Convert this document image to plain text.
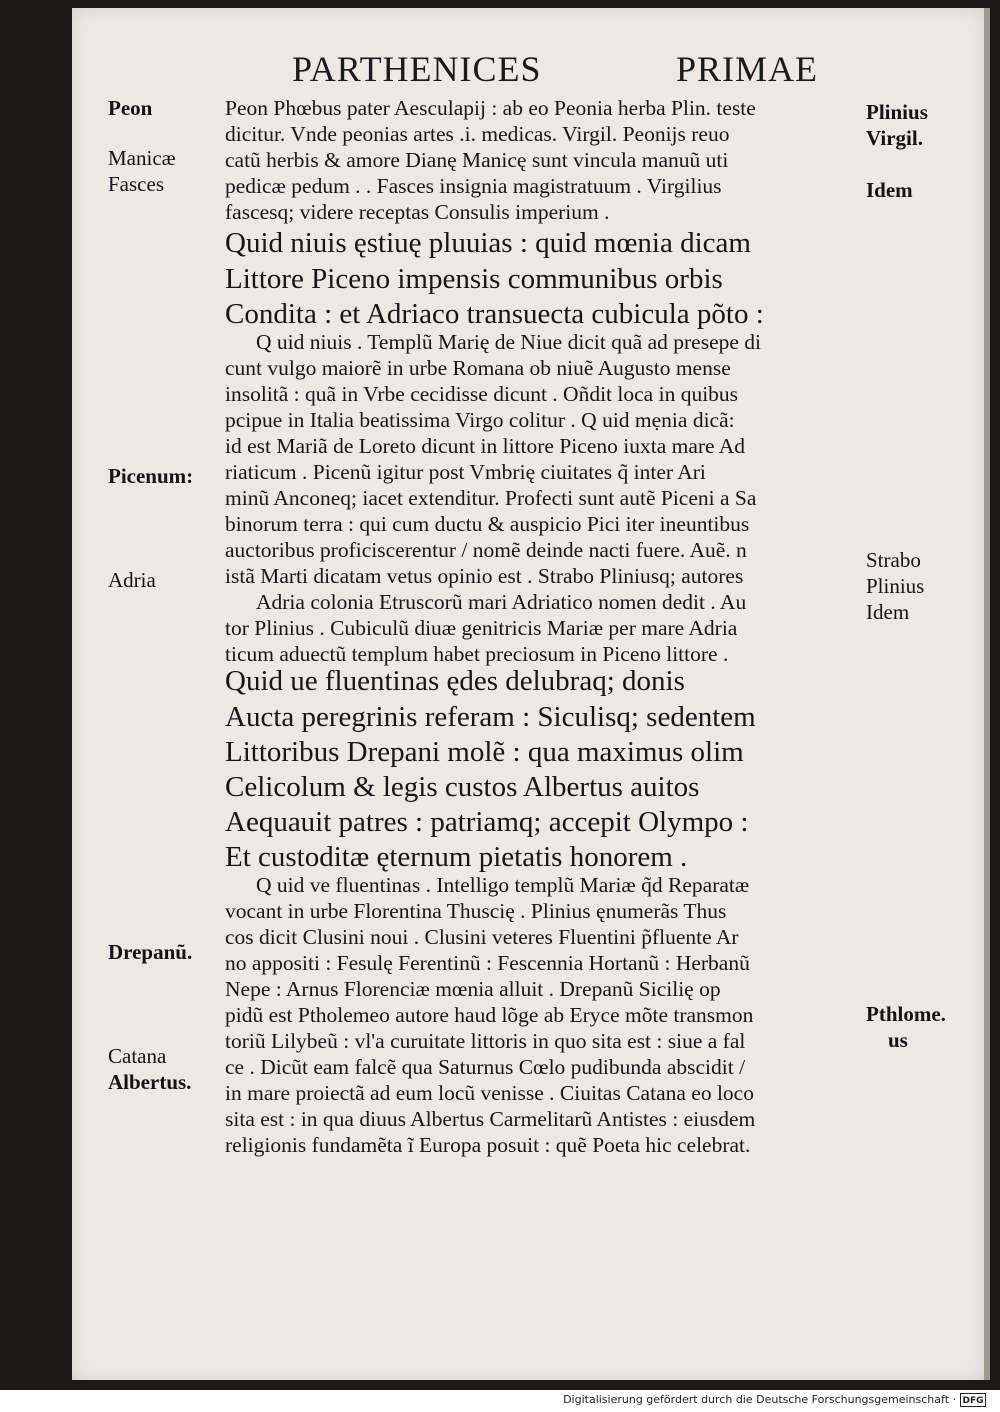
PARTHENICES	PRIMAE
Peon Phœbus pater Aesculapij : ab eo Peonia herba Plin. teste
dicitur. Vnde peonias artes .i. medicas. Virgil. Peonijs reuo
catũ herbis & amore Dianę Manicę sunt vincula manuũ uti
pedicæ pedum . . Fasces insignia magistratuum . Virgilius
fascesq; videre receptas Consulis imperium .
Quid niuis ęstiuę pluuias : quid mœnia dicam
Littore Piceno impensis communibus orbis
Condita : et Adriaco transuecta cubicula põto :
Q uid niuis . Templũ Marię de Niue dicit quã ad presepe di
cunt vulgo maiorẽ in urbe Romana ob niuẽ Augusto mense
insolitã : quã in Vrbe cecidisse dicunt . Oñdit loca in quibus
pcipue in Italia beatissima Virgo colitur . Q uid mẹnia dicã:
id est Mariã de Loreto dicunt in littore Piceno iuxta mare Ad
riaticum . Picenũ igitur post Vmbrię ciuitates q̃ inter Ari
minũ Anconeq; iacet extenditur. Profecti sunt autẽ Piceni a Sa
binorum terra : qui cum ductu & auspicio Pici iter ineuntibus
auctoribus proficiscerentur / nomẽ deinde nacti fuere. Auẽ. n
istã Marti dicatam vetus opinio est . Strabo Pliniusq; autores
Adria colonia Etruscorũ mari Adriatico nomen dedit . Au
tor Plinius . Cubiculũ diuæ genitricis Mariæ per mare Adria
ticum aduectũ templum habet preciosum in Piceno littore .
Quid ue fluentinas ędes delubraq; donis
Aucta peregrinis referam : Siculisq; sedentem
Littoribus Drepani molẽ : qua maximus olim
Celicolum & legis custos Albertus auitos
Aequauit patres : patriamq; accepit Olympo :
Et custoditæ ęternum pietatis honorem .
Q uid ve fluentinas . Intelligo templũ Mariæ q̃d Reparatæ
vocant in urbe Florentina Thuscię . Plinius ęnumerãs Thus
cos dicit Clusini noui . Clusini veteres Fluentini p̃fluente Ar
no appositi : Fesulę Ferentinũ : Fescennia Hortanũ : Herbanũ
Nepe : Arnus Florenciæ mœnia alluit . Drepanũ Sicilię op
pidũ est Ptholemeo autore haud lõge ab Eryce mõte transmon
toriũ Lilybeũ : vl'a curuitate littoris in quo sita est : siue a fal
ce . Dicũt eam falcẽ qua Saturnus Cœlo pudibunda abscidit /
in mare proiectã ad eum locũ venisse . Ciuitas Catana eo loco
sita est : in qua diuus Albertus Carmelitarũ Antistes : eiusdem
religionis fundamẽta ĩ Europa posuit : quẽ Poeta hic celebrat.
Peon
Manicæ
Fasces
Picenum:
Adria
Drepanũ.
Catana
Albertus.
Plinius
Virgil.
Idem
Strabo
Plinius
Idem
Pthlome.
us
Digitalisierung gefördert durch die Deutsche Forschungsgemeinschaft · DFG
